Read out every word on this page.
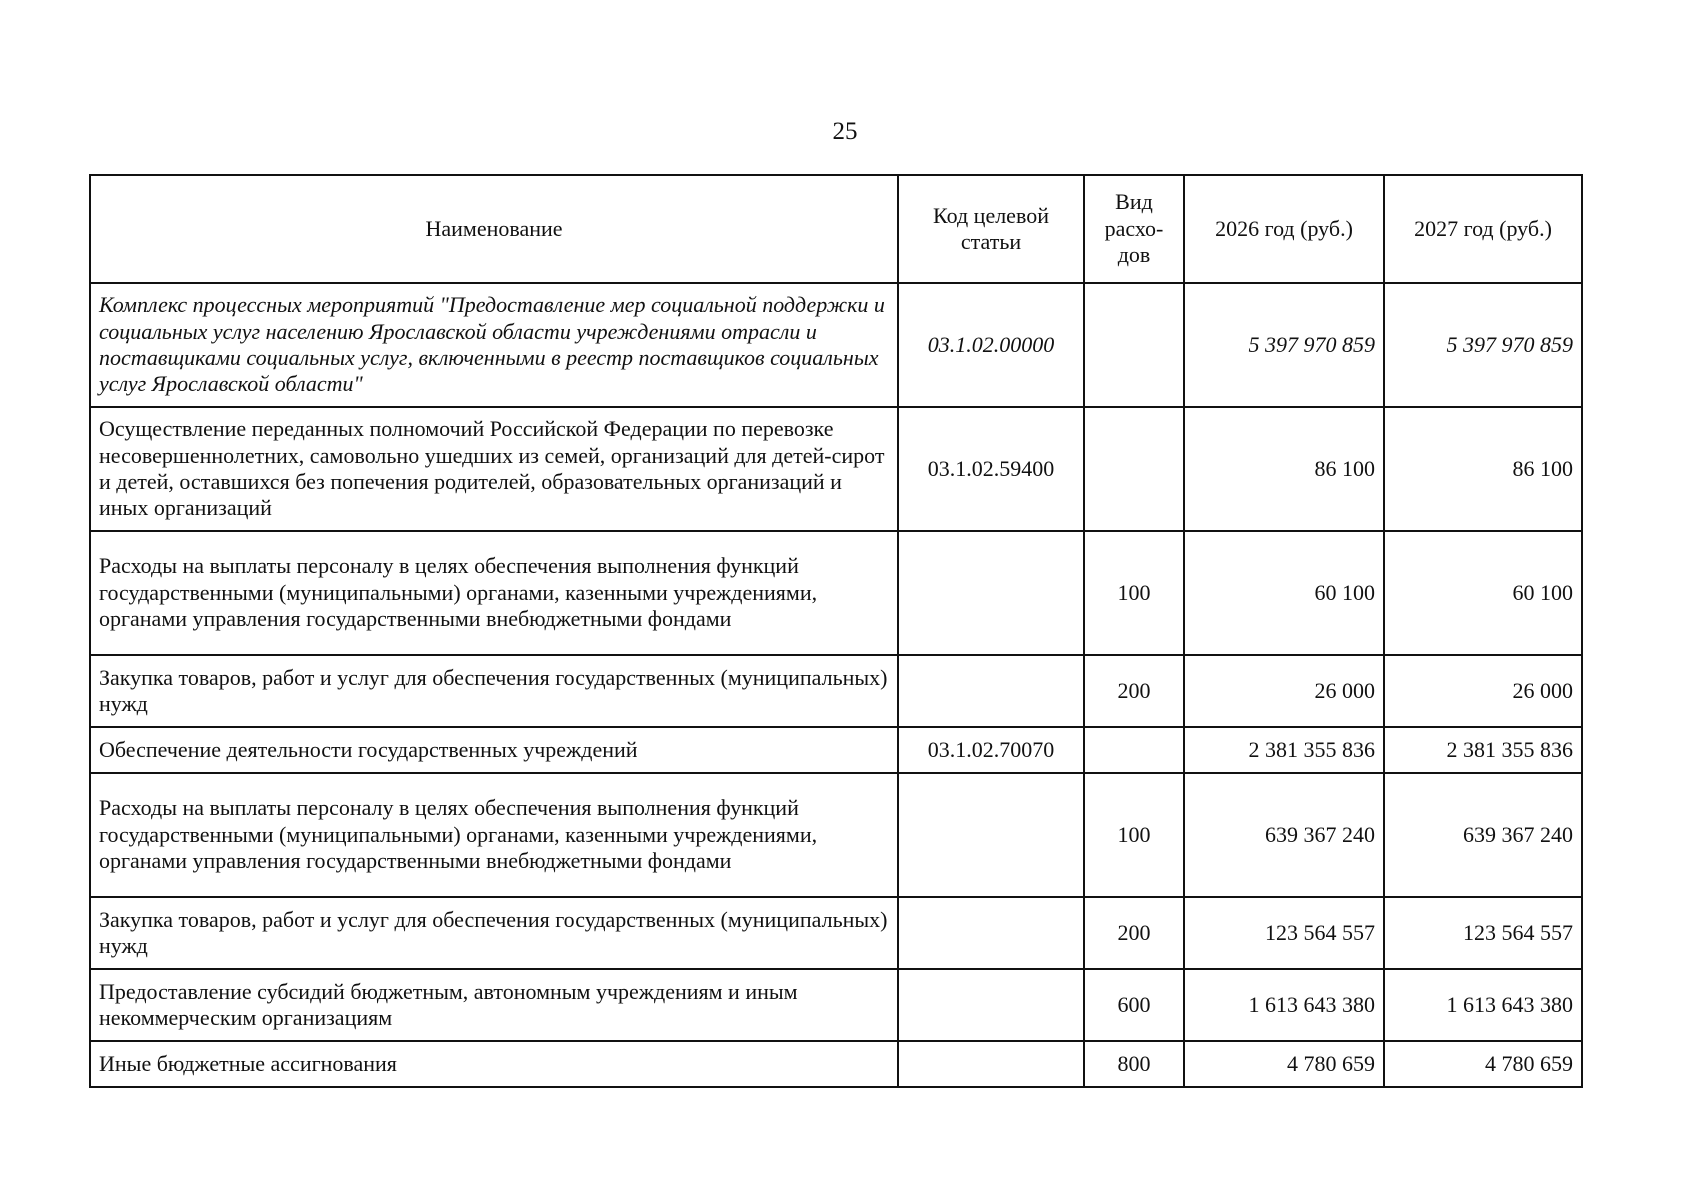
25
Наименование	Код целевой статьи	Вид расхо-дов	2026 год (руб.)	2027 год (руб.)
Комплекс процессных мероприятий "Предоставление мер социальной поддержки и социальных услуг населению Ярославской области учреждениями отрасли и поставщиками социальных услуг, включенными в реестр поставщиков социальных услуг Ярославской области"	03.1.02.00000		5 397 970 859	5 397 970 859
Осуществление переданных полномочий Российской Федерации по перевозке несовершеннолетних, самовольно ушедших из семей, организаций для детей-сирот и детей, оставшихся без попечения родителей, образовательных организаций и иных организаций	03.1.02.59400		86 100	86 100
Расходы на выплаты персоналу в целях обеспечения выполнения функций государственными (муниципальными) органами, казенными учреждениями, органами управления государственными внебюджетными фондами		100	60 100	60 100
Закупка товаров, работ и услуг для обеспечения государственных (муниципальных) нужд		200	26 000	26 000
Обеспечение деятельности государственных учреждений	03.1.02.70070		2 381 355 836	2 381 355 836
Расходы на выплаты персоналу в целях обеспечения выполнения функций государственными (муниципальными) органами, казенными учреждениями, органами управления государственными внебюджетными фондами		100	639 367 240	639 367 240
Закупка товаров, работ и услуг для обеспечения государственных (муниципальных) нужд		200	123 564 557	123 564 557
Предоставление субсидий бюджетным, автономным учреждениям и иным некоммерческим организациям		600	1 613 643 380	1 613 643 380
Иные бюджетные ассигнования		800	4 780 659	4 780 659
